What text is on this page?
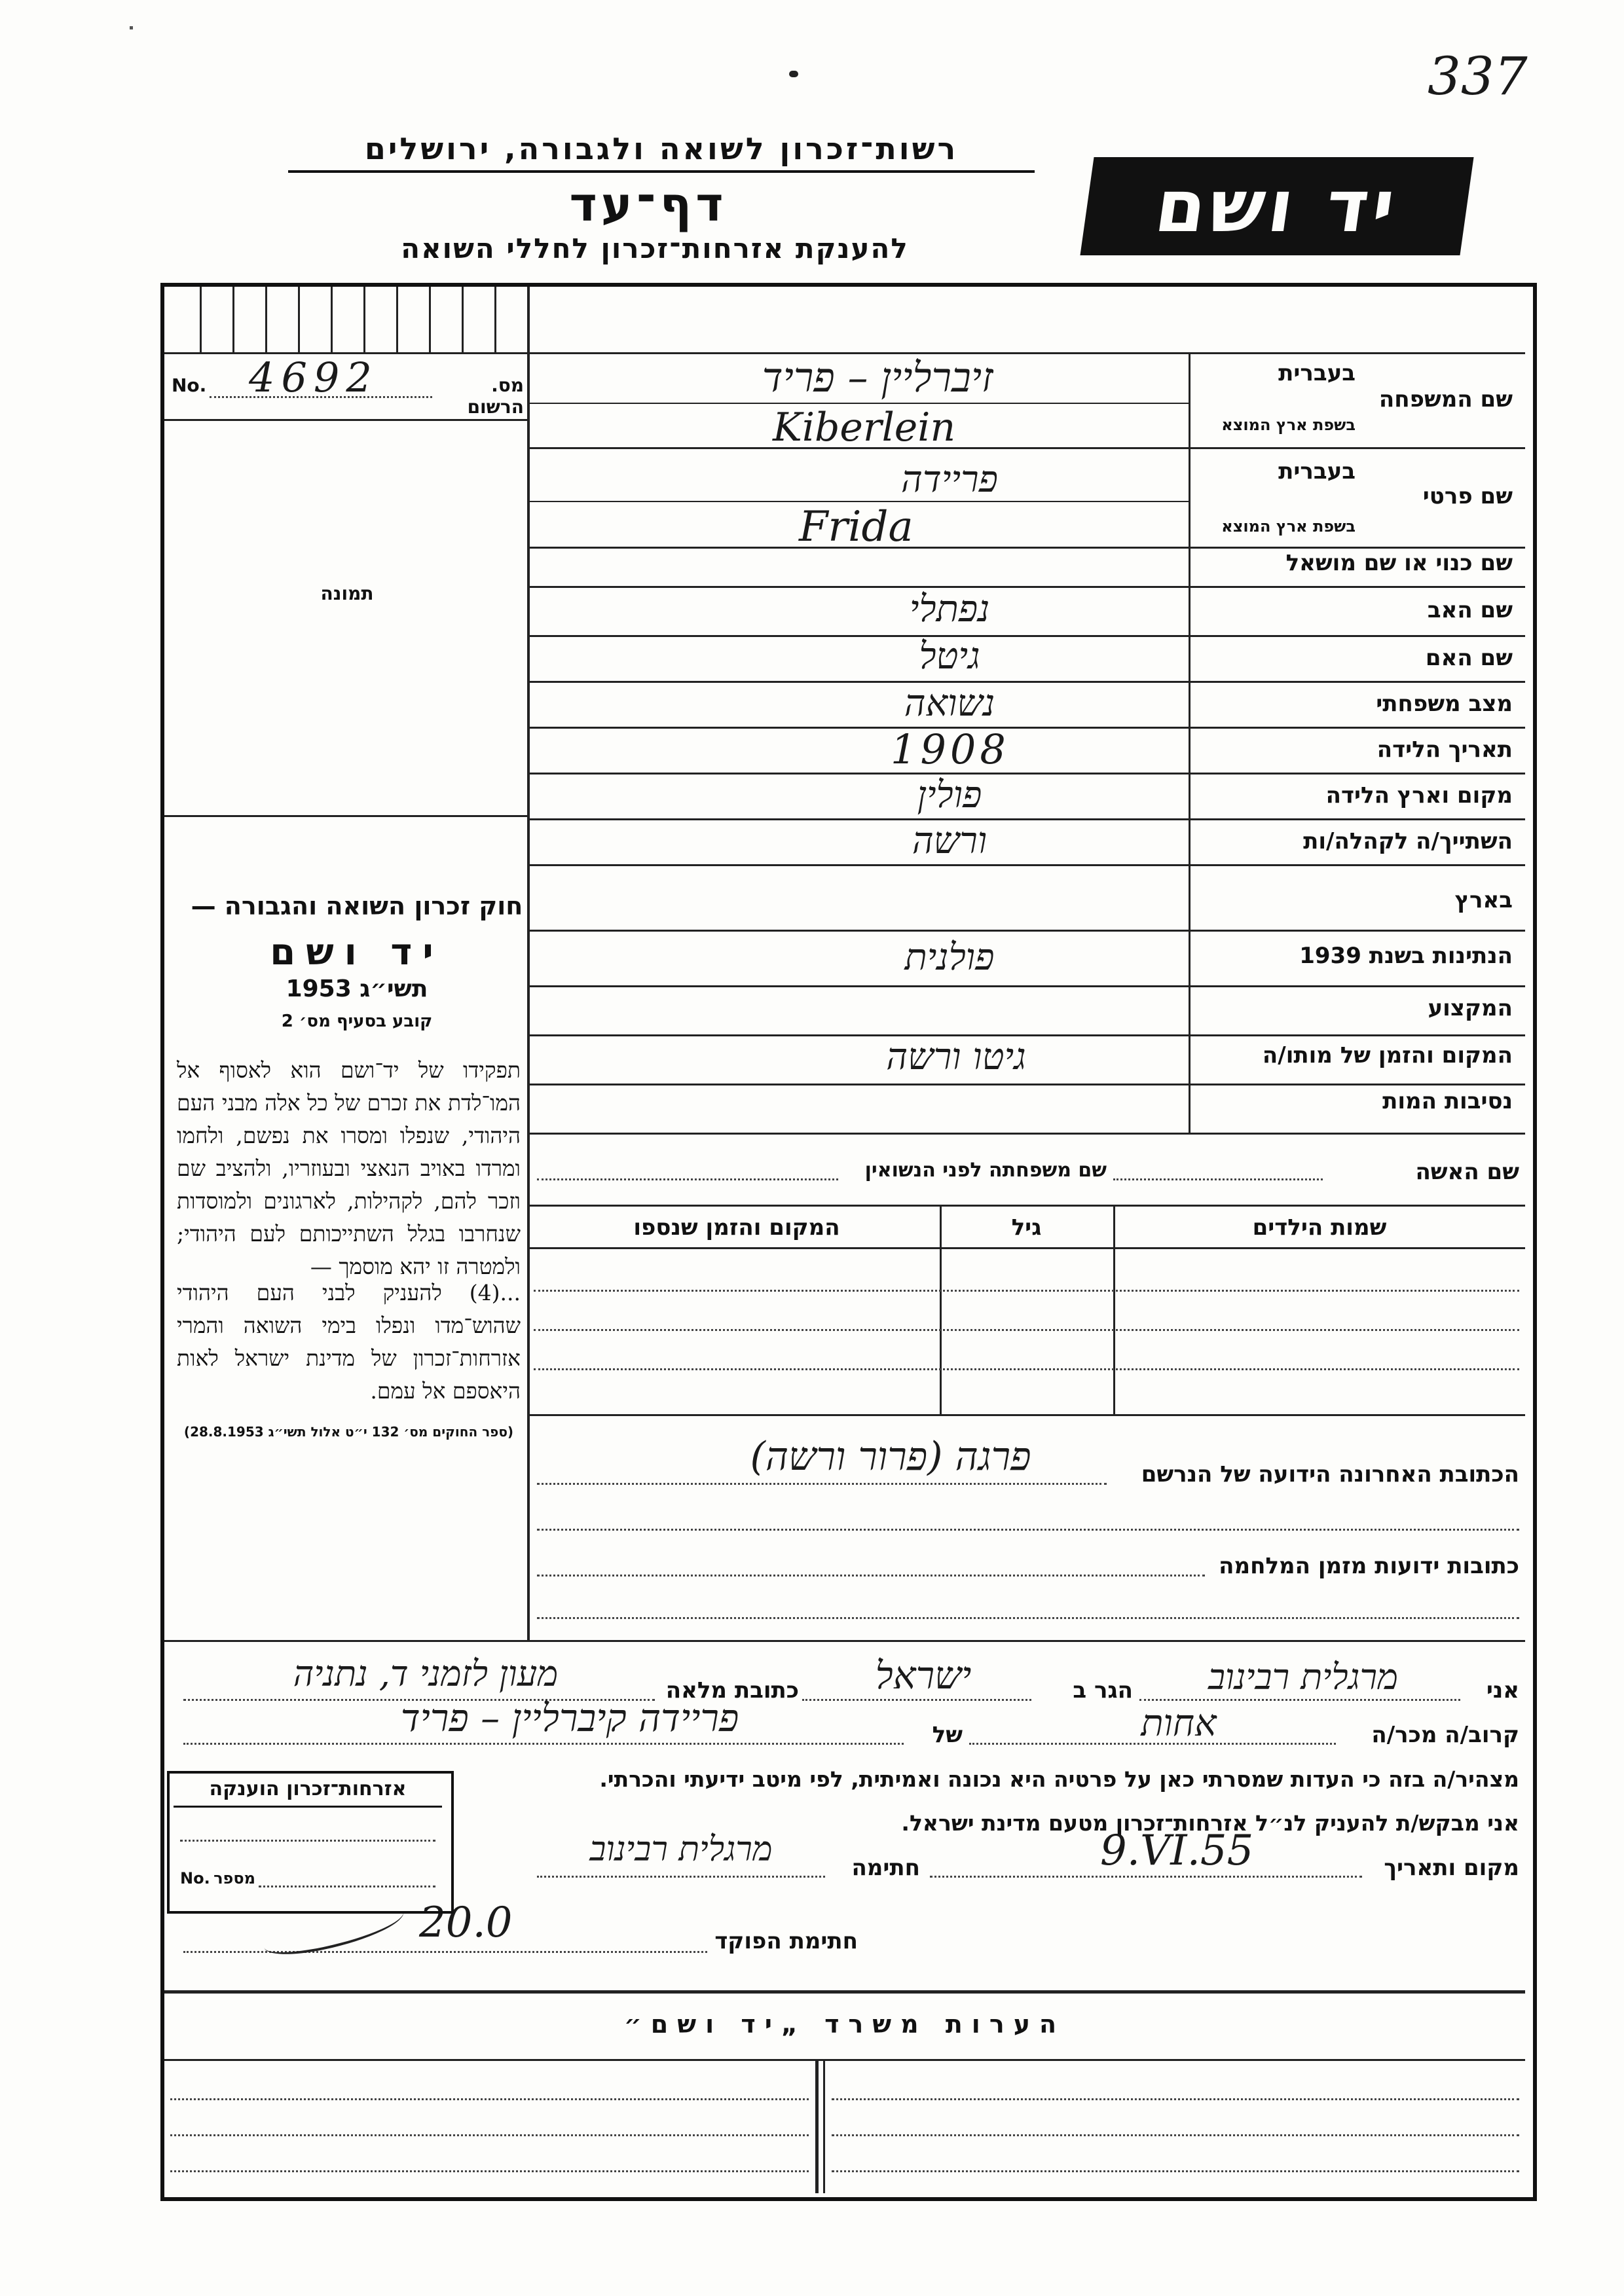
337
רשות־זכרון לשואה ולגבורה, ירושלים
דף־עד
להענקת אזרחות־זכרון לחללי השואה
יד ושם
מס. הרשום
No. 4692
תמונה
חוק זכרון השואה והגבורה —
יד ושם
תשי״ג 1953
קובע בסעיף מס׳ 2
תפקידו של יד־ושם הוא לאסוף אל המו־לדת את זכרם של כל אלה מבני העם היהודי, שנפלו ומסרו את נפשם, ולחמו ומרדו באויב הנאצי ובעוזריו, ולהציב שם וזכר להם, לקהילות, לארגונים ולמוסדות שנחרבו בגלל השתייכותם לעם היהודי; ולמטרה זו יהא מוסמך —
...(4) להעניק לבני העם היהודי שהוש־מדו ונפלו בימי השואה והמרי אזרחות־זכרון של מדינת ישראל לאות היאספם אל עמם.
(ספר החוקים מס׳ 132 י״ט אלול תשי״ג 28.8.1953)
שם המשפחה
בעברית
בשפת ארץ המוצא
זיברליין – פריד
Kiberlein
שם פרטי
בעברית
בשפת ארץ המוצא
פריידה
Frida
שם כנוי או שם מושאל
שם האב
נפתלי
שם האם
גיטל
מצב משפחתי
נשואה
תאריך הלידה
1908
מקום וארץ הלידה
פולין
השתייך/ה לקהלה/ות
ורשה
בארץ
הנתינות בשנת 1939
פולנית
המקצוע
המקום והזמן של מותו/ה
גיטו ורשה
נסיבות המות
שם האשה
שם משפחתה לפני הנשואין
שמות הילדים
גיל
המקום והזמן שנספו
הכתובת האחרונה הידועה של הנרשם
פרגה (פרור ורשה)
כתובות ידועות מזמן המלחמה
אני
מרגלית רבינוב
הגר ב
ישראל
כתובת מלאה
מעון לזמני ד, נתניה
קרוב/ה מכר/ה
אחות
של
פריידה קיברליין – פריד
מצהיר/ה בזה כי העדות שמסרתי כאן על פרטיה היא נכונה ואמיתית, לפי מיטב ידיעתי והכרתי.
אני מבקש/ת להעניק לנ״ל אזרחות־זכרון מטעם מדינת ישראל.
מקום ותאריך
9.VI.55
חתימה
מרגלית רבינוב
חתימת הפוקד
20.0
אזרחות־זכרון הוענקה
No. מספר
הערות משרד „יד ושם״
